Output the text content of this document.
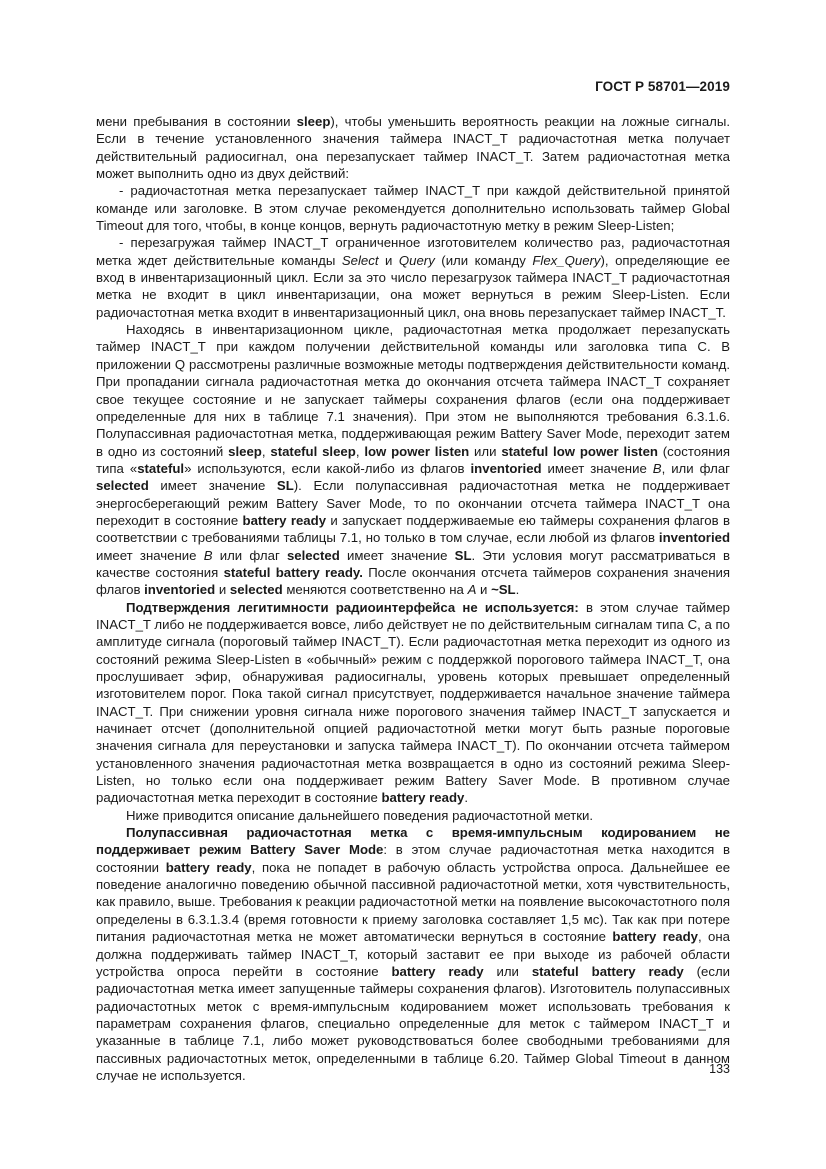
ГОСТ Р 58701—2019

мени пребывания в состоянии sleep), чтобы уменьшить вероятность реакции на ложные сигналы. Если в течение установленного значения таймера INACT_T радиочастотная метка получает действительный радиосигнал, она перезапускает таймер INACT_T. Затем радиочастотная метка может выполнить одно из двух действий:

- радиочастотная метка перезапускает таймер INACT_T при каждой действительной принятой команде или заголовке. В этом случае рекомендуется дополнительно использовать таймер Global Timeout для того, чтобы, в конце концов, вернуть радиочастотную метку в режим Sleep-Listen;

- перезагружая таймер INACT_T ограниченное изготовителем количество раз, радиочастотная метка ждет действительные команды Select и Query (или команду Flex_Query), определяющие ее вход в инвентаризационный цикл. Если за это число перезагрузок таймера INACT_T радиочастотная метка не входит в цикл инвентаризации, она может вернуться в режим Sleep-Listen. Если радиочастотная метка входит в инвентаризационный цикл, она вновь перезапускает таймер INACT_T.

Находясь в инвентаризационном цикле, радиочастотная метка продолжает перезапускать таймер INACT_T при каждом получении действительной команды или заголовка типа С. В приложении Q рассмотрены различные возможные методы подтверждения действительности команд. При пропадании сигнала радиочастотная метка до окончания отсчета таймера INACT_T сохраняет свое текущее состояние и не запускает таймеры сохранения флагов (если она поддерживает определенные для них в таблице 7.1 значения). При этом не выполняются требования 6.3.1.6. Полупассивная радиочастотная метка, поддерживающая режим Battery Saver Mode, переходит затем в одно из состояний sleep, stateful sleep, low power listen или stateful low power listen (состояния типа «stateful» используются, если какой-либо из флагов inventoried имеет значение B, или флаг selected имеет значение SL). Если полупассивная радиочастотная метка не поддерживает энергосберегающий режим Battery Saver Mode, то по окончании отсчета таймера INACT_T она переходит в состояние battery ready и запускает поддерживаемые ею таймеры сохранения флагов в соответствии с требованиями таблицы 7.1, но только в том случае, если любой из флагов inventoried имеет значение B или флаг selected имеет значение SL. Эти условия могут рассматриваться в качестве состояния stateful battery ready. После окончания отсчета таймеров сохранения значения флагов inventoried и selected меняются соответственно на A и ~SL.

Подтверждения легитимности радиоинтерфейса не используется: в этом случае таймер INACT_T либо не поддерживается вовсе, либо действует не по действительным сигналам типа С, а по амплитуде сигнала (пороговый таймер INACT_T). Если радиочастотная метка переходит из одного из состояний режима Sleep-Listen в «обычный» режим с поддержкой порогового таймера INACT_T, она прослушивает эфир, обнаруживая радиосигналы, уровень которых превышает определенный изготовителем порог. Пока такой сигнал присутствует, поддерживается начальное значение таймера INACT_T. При снижении уровня сигнала ниже порогового значения таймер INACT_T запускается и начинает отсчет (дополнительной опцией радиочастотной метки могут быть разные пороговые значения сигнала для переустановки и запуска таймера INACT_T). По окончании отсчета таймером установленного значения радиочастотная метка возвращается в одно из состояний режима Sleep-Listen, но только если она поддерживает режим Battery Saver Mode. В противном случае радиочастотная метка переходит в состояние battery ready.

Ниже приводится описание дальнейшего поведения радиочастотной метки.

Полупассивная радиочастотная метка с время-импульсным кодированием не поддерживает режим Battery Saver Mode: в этом случае радиочастотная метка находится в состоянии battery ready, пока не попадет в рабочую область устройства опроса. Дальнейшее ее поведение аналогично поведению обычной пассивной радиочастотной метки, хотя чувствительность, как правило, выше. Требования к реакции радиочастотной метки на появление высокочастотного поля определены в 6.3.1.3.4 (время готовности к приему заголовка составляет 1,5 мс). Так как при потере питания радиочастотная метка не может автоматически вернуться в состояние battery ready, она должна поддерживать таймер INACT_T, который заставит ее при выходе из рабочей области устройства опроса перейти в состояние battery ready или stateful battery ready (если радиочастотная метка имеет запущенные таймеры сохранения флагов). Изготовитель полупассивных радиочастотных меток с время-импульсным кодированием может использовать требования к параметрам сохранения флагов, специально определенные для меток с таймером INACT_T и указанные в таблице 7.1, либо может руководствоваться более свободными требованиями для пассивных радиочастотных меток, определенными в таблице 6.20. Таймер Global Timeout в данном случае не используется.	133
